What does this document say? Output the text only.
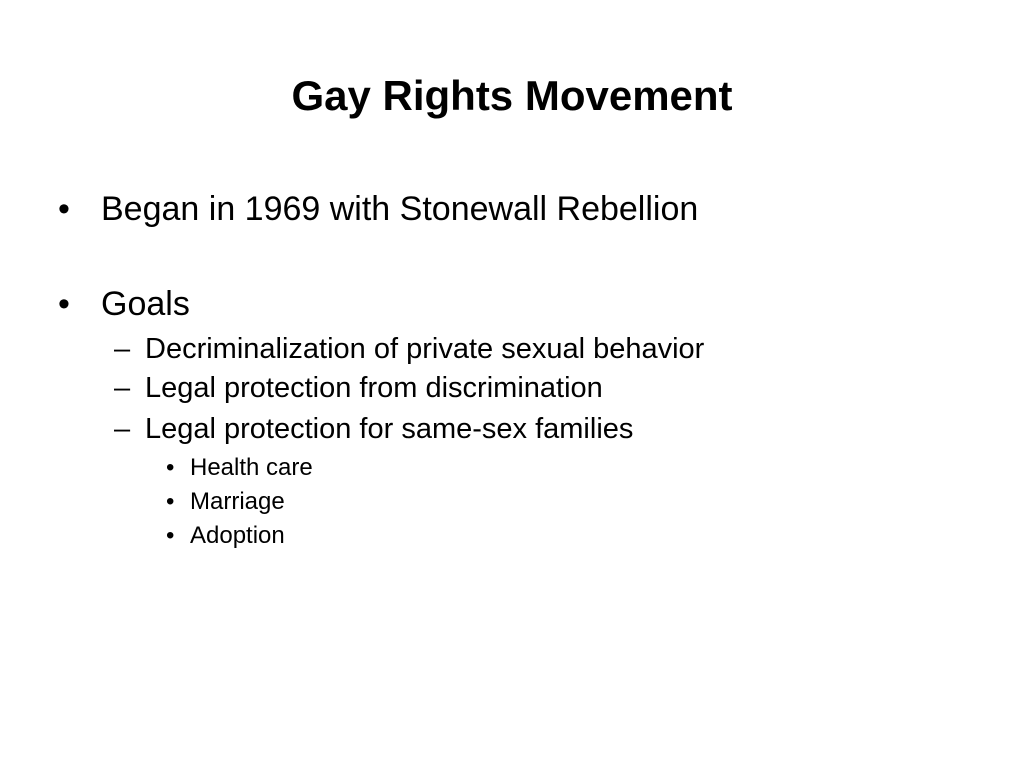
Gay Rights Movement
• Began in 1969 with Stonewall Rebellion
• Goals
– Decriminalization of private sexual behavior
– Legal protection from discrimination
– Legal protection for same-sex families
• Health care
• Marriage
• Adoption
